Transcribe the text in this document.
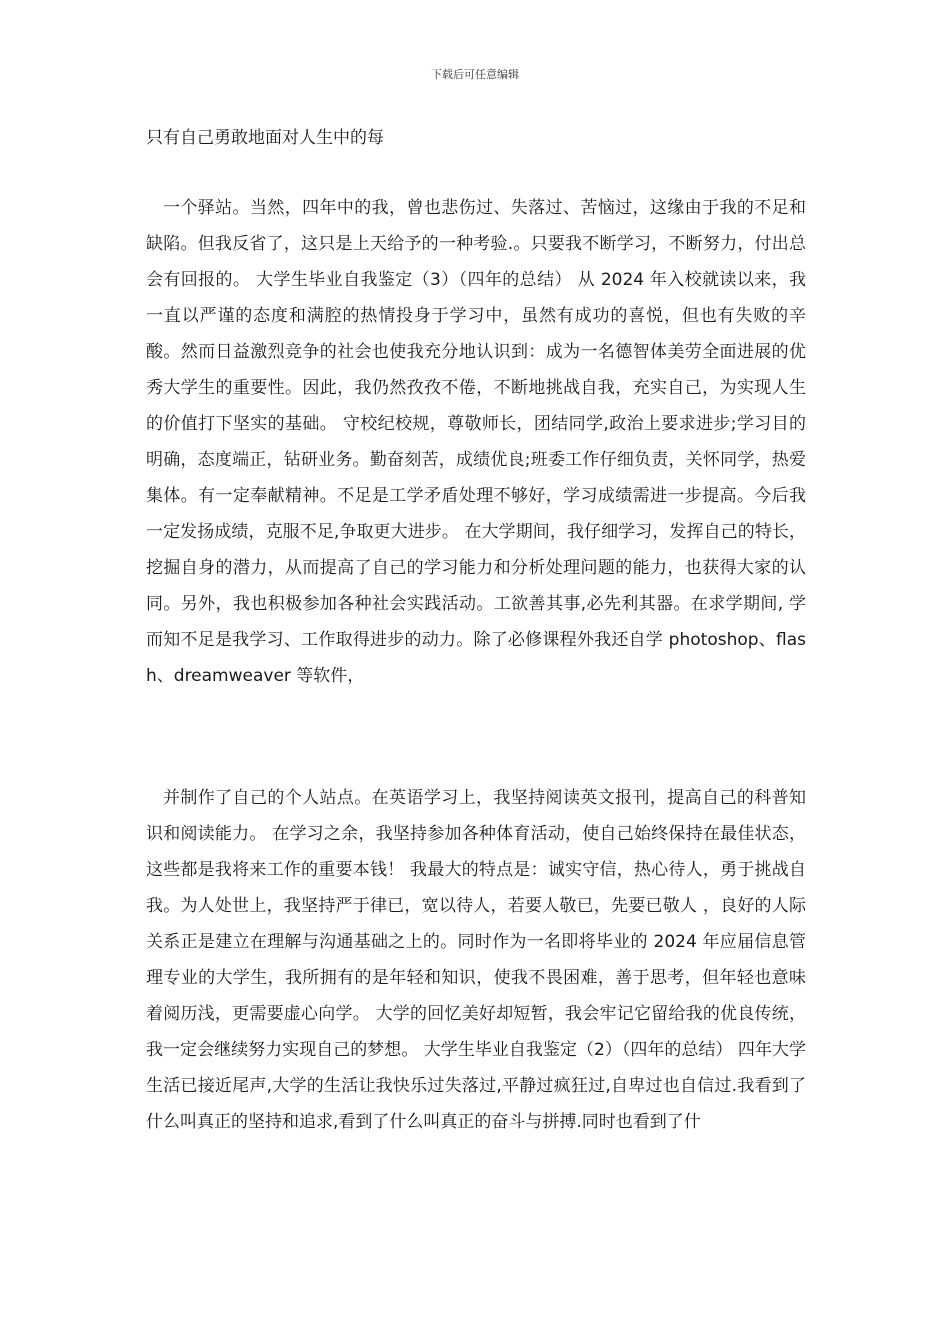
下载后可任意编辑
只有自己勇敢地面对人生中的每

一个驿站。当然，四年中的我，曾也悲伤过、失落过、苦恼过，这缘由于我的不足和缺陷。但我反省了，这只是上天给予的一种考验.。只要我不断学习，不断努力，付出总会有回报的。 大学生毕业自我鉴定（3）（四年的总结） 从 2024 年入校就读以来，我一直以严谨的态度和满腔的热情投身于学习中，虽然有成功的喜悦，但也有失败的辛酸。然而日益激烈竞争的社会也使我充分地认识到：成为一名德智体美劳全面进展的优秀大学生的重要性。因此，我仍然孜孜不倦，不断地挑战自我，充实自己，为实现人生的价值打下坚实的基础。 守校纪校规，尊敬师长，团结同学,政治上要求进步;学习目的明确，态度端正，钻研业务。勤奋刻苦，成绩优良;班委工作仔细负责，关怀同学，热爱集体。有一定奉献精神。不足是工学矛盾处理不够好，学习成绩需进一步提高。今后我一定发扬成绩，克服不足,争取更大进步。 在大学期间，我仔细学习，发挥自己的特长，挖掘自身的潜力，从而提高了自己的学习能力和分析处理问题的能力，也获得大家的认同。另外，我也积极参加各种社会实践活动。工欲善其事,必先利其器。在求学期间, 学而知不足是我学习、工作取得进步的动力。除了必修课程外我还自学 photoshop、flash、dreamweaver 等软件，

并制作了自己的个人站点。在英语学习上，我坚持阅读英文报刊，提高自己的科普知识和阅读能力。 在学习之余，我坚持参加各种体育活动，使自己始终保持在最佳状态，这些都是我将来工作的重要本钱！ 我最大的特点是：诚实守信，热心待人，勇于挑战自我。为人处世上，我坚持严于律已，宽以待人，若要人敬已，先要已敬人 ，良好的人际关系正是建立在理解与沟通基础之上的。同时作为一名即将毕业的 2024 年应届信息管理专业的大学生，我所拥有的是年轻和知识，使我不畏困难，善于思考，但年轻也意味着阅历浅，更需要虚心向学。 大学的回忆美好却短暂，我会牢记它留给我的优良传统，我一定会继续努力实现自己的梦想。 大学生毕业自我鉴定（2）（四年的总结） 四年大学生活已接近尾声,大学的生活让我快乐过失落过,平静过疯狂过,自卑过也自信过.我看到了什么叫真正的坚持和追求,看到了什么叫真正的奋斗与拼搏.同时也看到了什
